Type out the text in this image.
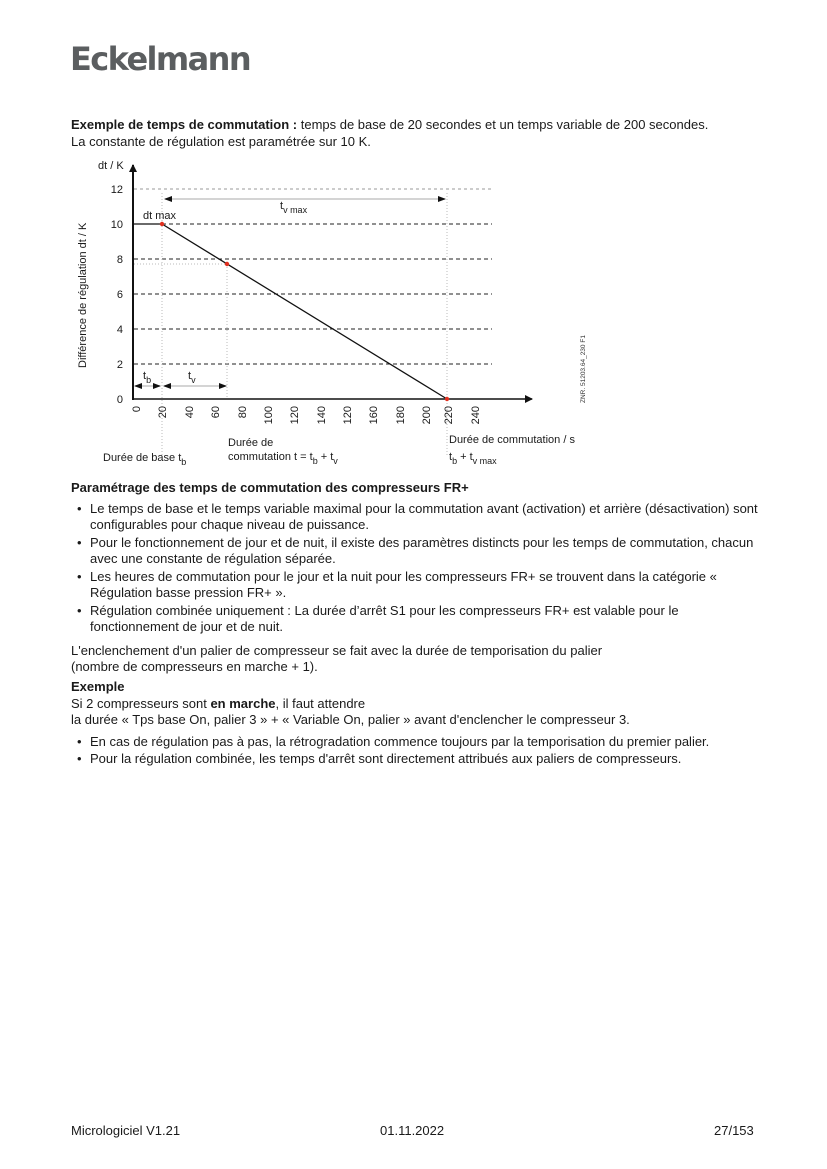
Eckelmann
Exemple de temps de commutation : temps de base de 20 secondes et un temps variable de 200 secondes.
La constante de régulation est paramétrée sur 10 K.
dt / K
0
2
4
6
8
10
12
Différence de régulation dt / K
0 20 40 60 80 100 120 140 120 160 180 200 220 240
dt max
$t_{v max}$
$t_b$	$t_v$
Durée de commutation / s
Durée de base $t_b$
Durée de
commutation $t = t_b + t_v$	$t_b + t_{v max}$
ZNR. 51203.64_230 F1
Paramétrage des temps de commutation des compresseurs FR+
• Le temps de base et le temps variable maximal pour la commutation avant (activation) et arrière (désactivation) sont configurables pour chaque niveau de puissance.
• Pour le fonctionnement de jour et de nuit, il existe des paramètres distincts pour les temps de commutation, chacun avec une constante de régulation séparée.
• Les heures de commutation pour le jour et la nuit pour les compresseurs FR+ se trouvent dans la catégorie « Régulation basse pression FR+ ».
• Régulation combinée uniquement : La durée d’arrêt S1 pour les compresseurs FR+ est valable pour le fonctionnement de jour et de nuit.

L'enclenchement d'un palier de compresseur se fait avec la durée de temporisation du palier
(nombre de compresseurs en marche + 1).

Exemple

Si 2 compresseurs sont en marche, il faut attendre

la durée « Tps base On, palier 3 » + « Variable On, palier » avant d'enclencher le compresseur 3.

• En cas de régulation pas à pas, la rétrogradation commence toujours par la temporisation du premier palier.
• Pour la régulation combinée, les temps d'arrêt sont directement attribués aux paliers de compresseurs.
Micrologiciel V1.21	01.11.2022	27/153
